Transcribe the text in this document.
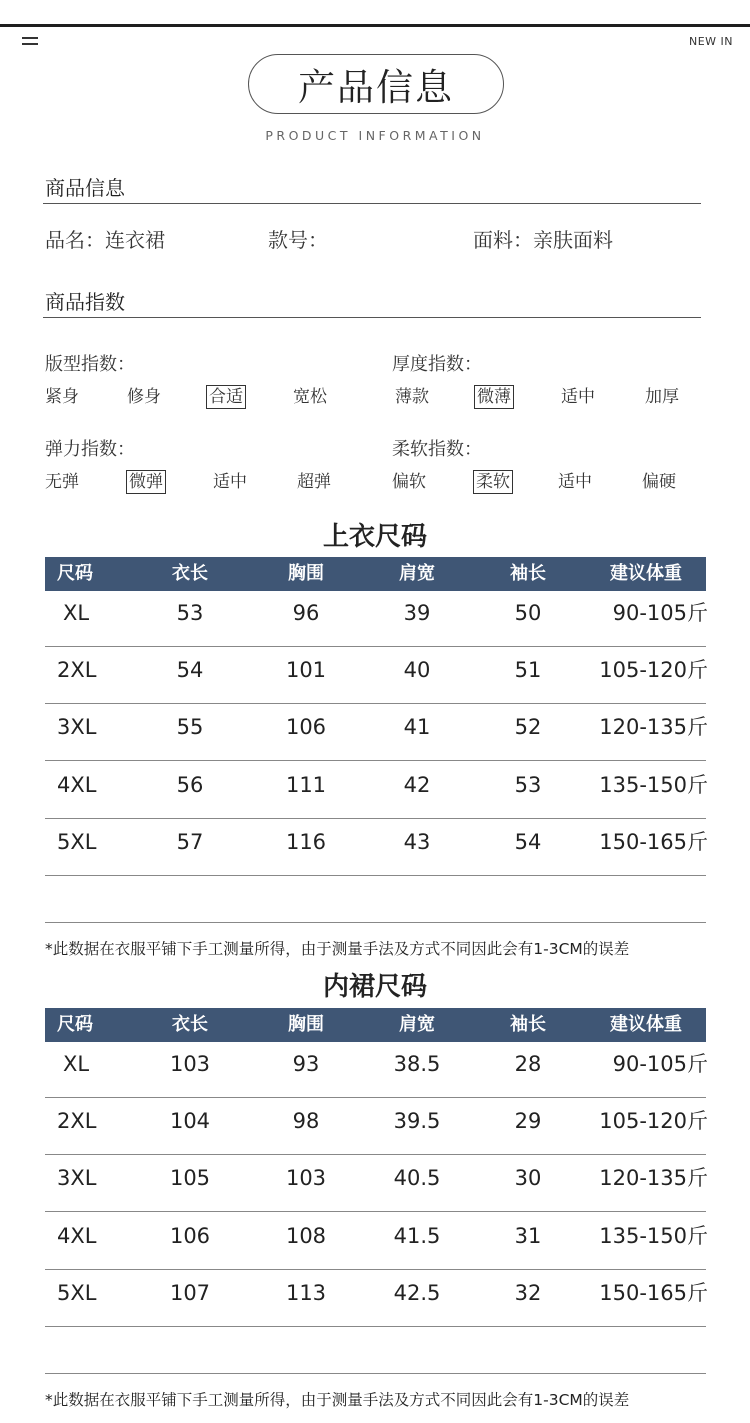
NEW IN
产品信息
PRODUCT INFORMATION
商品信息
品名：连衣裙	款号：	面料：亲肤面料
商品指数
版型指数：
紧身	修身	合适	宽松
厚度指数：
薄款	微薄	适中	加厚
弹力指数：
无弹	微弹	适中	超弹
柔软指数：
偏软	柔软	适中	偏硬
上衣尺码
尺码	衣长	胸围	肩宽	袖长	建议体重
XL	53	96	39	50	90-105斤
2XL	54	101	40	51	105-120斤
3XL	55	106	41	52	120-135斤
4XL	56	111	42	53	135-150斤
5XL	57	116	43	54	150-165斤
*此数据在衣服平铺下手工测量所得，由于测量手法及方式不同因此会有1-3CM的误差
内裙尺码
尺码	衣长	胸围	肩宽	袖长	建议体重
XL	103	93	38.5	28	90-105斤
2XL	104	98	39.5	29	105-120斤
3XL	105	103	40.5	30	120-135斤
4XL	106	108	41.5	31	135-150斤
5XL	107	113	42.5	32	150-165斤
*此数据在衣服平铺下手工测量所得，由于测量手法及方式不同因此会有1-3CM的误差
